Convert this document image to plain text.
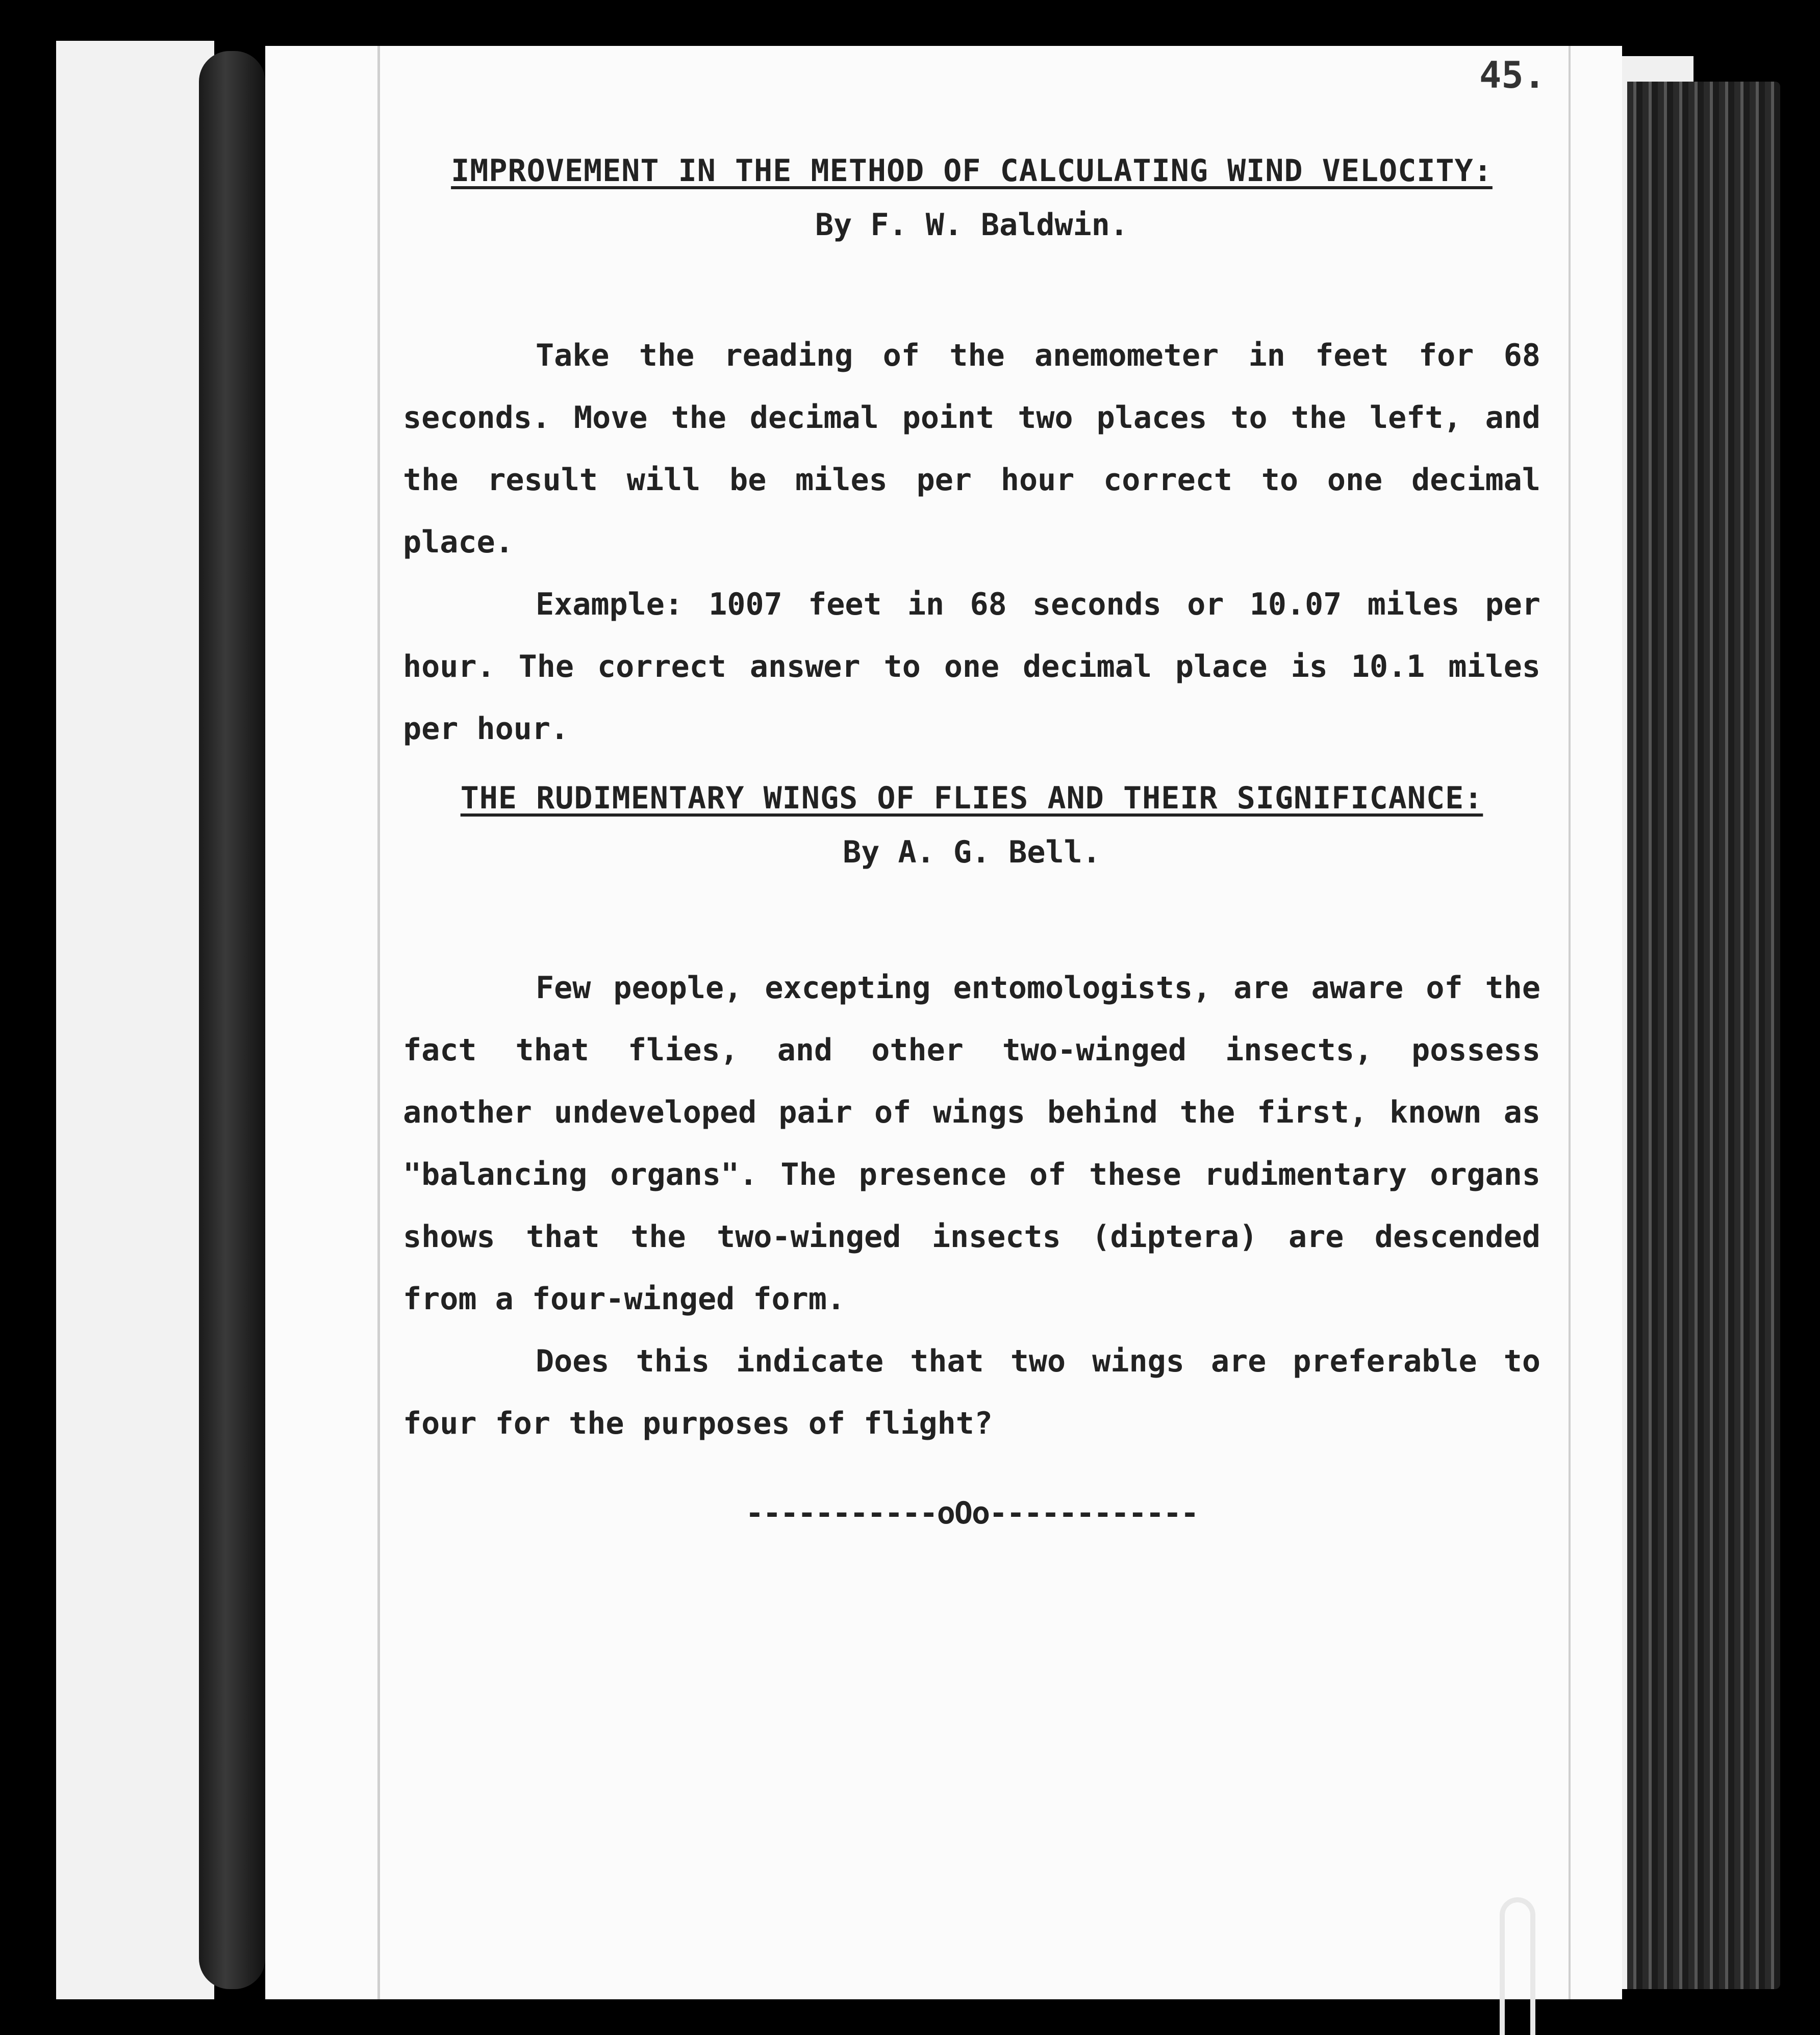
45.
IMPROVEMENT IN THE METHOD OF CALCULATING WIND VELOCITY:

By F. W. Baldwin.

Take the reading of the anemometer in feet for 68 seconds. Move the decimal point two places to the left, and the result will be miles per hour correct to one decimal place.

Example: 1007 feet in 68 seconds or 10.07 miles per hour. The correct answer to one decimal place is 10.1 miles per hour.

THE RUDIMENTARY WINGS OF FLIES AND THEIR SIGNIFICANCE:

By A. G. Bell.

Few people, excepting entomologists, are aware of the fact that flies, and other two-winged insects, possess another undeveloped pair of wings behind the first, known as "balancing organs". The presence of these rudimentary organs shows that the two-winged insects (diptera) are descended from a four-winged form.

Does this indicate that two wings are preferable to four for the purposes of flight?

-----------oOo------------
